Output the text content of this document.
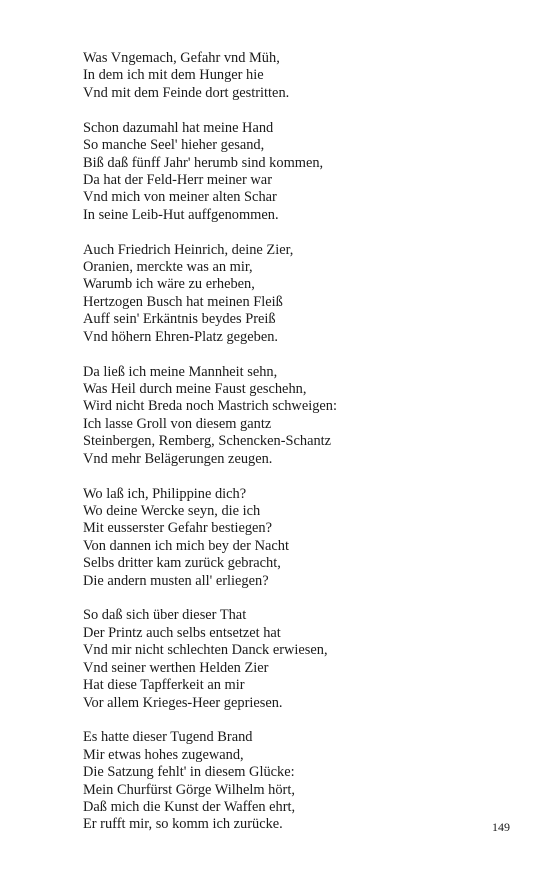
Was Vngemach, Gefahr vnd Müh,
In dem ich mit dem Hunger hie
Vnd mit dem Feinde dort gestritten.
Schon dazumahl hat meine Hand
So manche Seel' hieher gesand,
Biß daß fünff Jahr' herumb sind kommen,
Da hat der Feld-Herr meiner war
Vnd mich von meiner alten Schar
In seine Leib-Hut auffgenommen.
Auch Friedrich Heinrich, deine Zier,
Oranien, merckte was an mir,
Warumb ich wäre zu erheben,
Hertzogen Busch hat meinen Fleiß
Auff sein' Erkäntnis beydes Preiß
Vnd höhern Ehren-Platz gegeben.
Da ließ ich meine Mannheit sehn,
Was Heil durch meine Faust geschehn,
Wird nicht Breda noch Mastrich schweigen:
Ich lasse Groll von diesem gantz
Steinbergen, Remberg, Schencken-Schantz
Vnd mehr Belägerungen zeugen.
Wo laß ich, Philippine dich?
Wo deine Wercke seyn, die ich
Mit eusserster Gefahr bestiegen?
Von dannen ich mich bey der Nacht
Selbs dritter kam zurück gebracht,
Die andern musten all' erliegen?
So daß sich über dieser That
Der Printz auch selbs entsetzet hat
Vnd mir nicht schlechten Danck erwiesen,
Vnd seiner werthen Helden Zier
Hat diese Tapfferkeit an mir
Vor allem Krieges-Heer gepriesen.
Es hatte dieser Tugend Brand
Mir etwas hohes zugewand,
Die Satzung fehlt' in diesem Glücke:
Mein Churfürst Görge Wilhelm hört,
Daß mich die Kunst der Waffen ehrt,
Er rufft mir, so komm ich zurücke.	149
